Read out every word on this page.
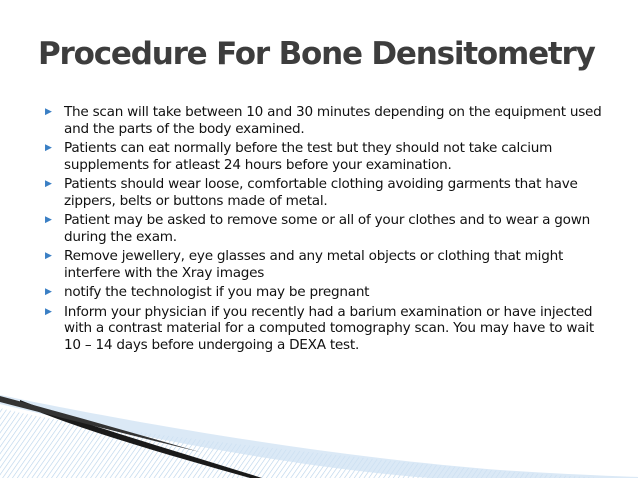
Procedure For Bone Densitometry
▶ The scan will take between 10 and 30 minutes depending on the equipment used and the parts of the body examined.
▶ Patients can eat normally before the test but they should not take calcium supplements for atleast 24 hours before your examination.
▶ Patients should wear loose, comfortable clothing avoiding garments that have zippers, belts or buttons made of metal.
▶ Patient may be asked to remove some or all of your clothes and to wear a gown during the exam.
▶ Remove jewellery, eye glasses and any metal objects or clothing that might interfere with the Xray images
▶ notify the technologist if you may be pregnant
▶ Inform your physician if you recently had a barium examination or have injected with a contrast material for a computed tomography scan. You may have to wait 10 – 14 days before undergoing a DEXA test.
